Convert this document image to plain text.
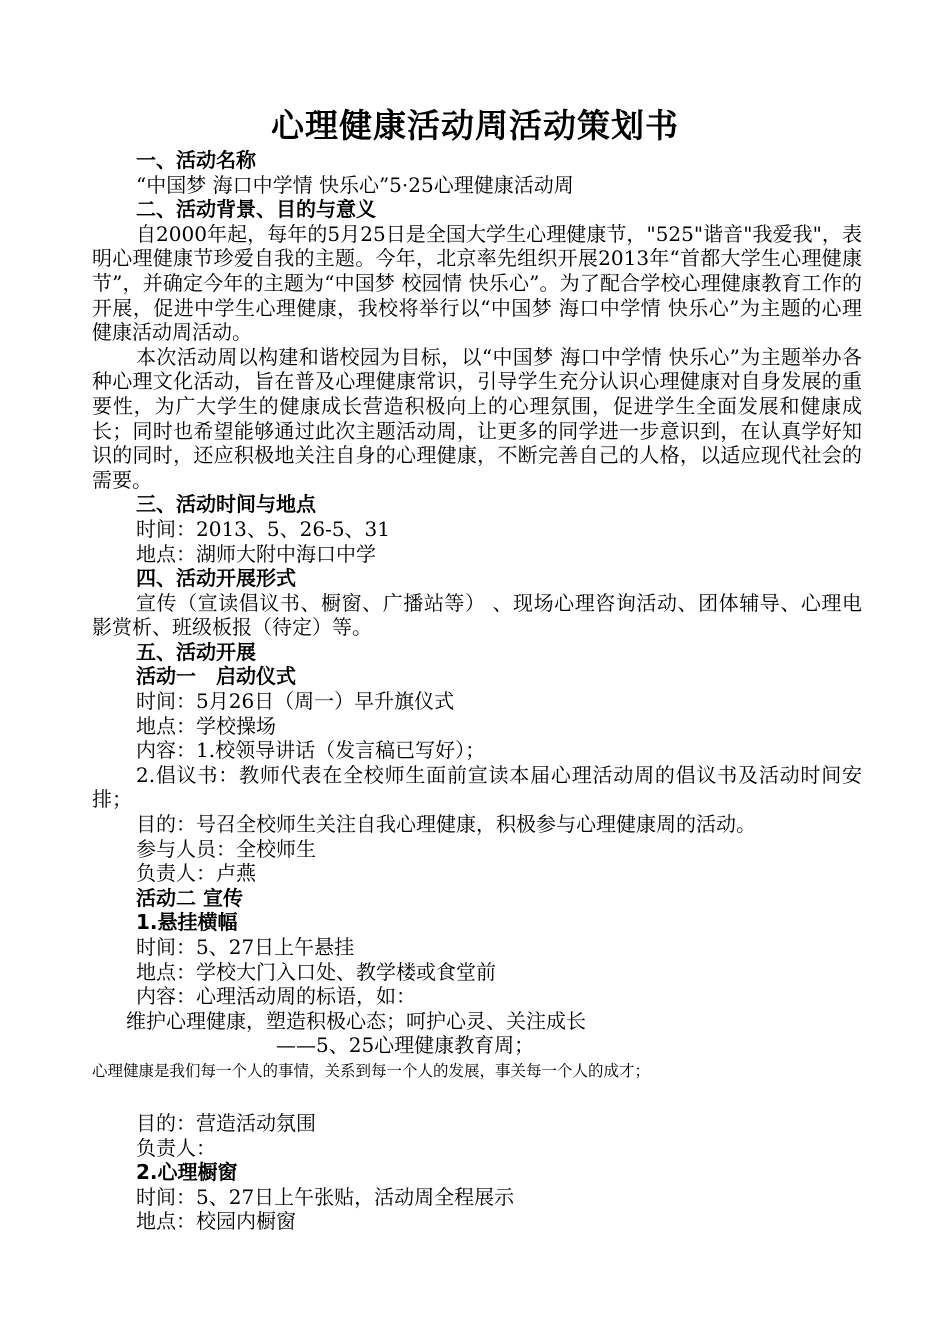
心理健康活动周活动策划书

一、活动名称

“中国梦 海口中学情 快乐心”5·25心理健康活动周

二、活动背景、目的与意义

自2000年起，每年的5月25日是全国大学生心理健康节，"525"谐音"我爱我"，表明心理健康节珍爱自我的主题。今年，北京率先组织开展2013年“首都大学生心理健康节”，并确定今年的主题为“中国梦 校园情 快乐心”。为了配合学校心理健康教育工作的开展，促进中学生心理健康，我校将举行以“中国梦 海口中学情 快乐心”为主题的心理健康活动周活动。

本次活动周以构建和谐校园为目标，以“中国梦 海口中学情 快乐心”为主题举办各种心理文化活动，旨在普及心理健康常识，引导学生充分认识心理健康对自身发展的重要性，为广大学生的健康成长营造积极向上的心理氛围，促进学生全面发展和健康成长；同时也希望能够通过此次主题活动周，让更多的同学进一步意识到，在认真学好知识的同时，还应积极地关注自身的心理健康，不断完善自己的人格，以适应现代社会的需要。

三、活动时间与地点

时间：2013、5、26-5、31

地点：湖师大附中海口中学

四、活动开展形式

宣传（宣读倡议书、橱窗、广播站等） 、现场心理咨询活动、团体辅导、心理电影赏析、班级板报（待定）等。

五、活动开展

活动一　启动仪式

时间：5月26日（周一）早升旗仪式

地点：学校操场

内容：1.校领导讲话（发言稿已写好）；

2.倡议书：教师代表在全校师生面前宣读本届心理活动周的倡议书及活动时间安排；

目的：号召全校师生关注自我心理健康，积极参与心理健康周的活动。

参与人员：全校师生

负责人：卢燕

活动二 宣传

1.悬挂横幅

时间：5、27日上午悬挂

地点：学校大门入口处、教学楼或食堂前

内容：心理活动周的标语，如：

维护心理健康，塑造积极心态；呵护心灵、关注成长

——5、25心理健康教育周；

心理健康是我们每一个人的事情，关系到每一个人的发展，事关每一个人的成才；

目的：营造活动氛围

负责人：

2.心理橱窗

时间：5、27日上午张贴，活动周全程展示

地点：校园内橱窗
